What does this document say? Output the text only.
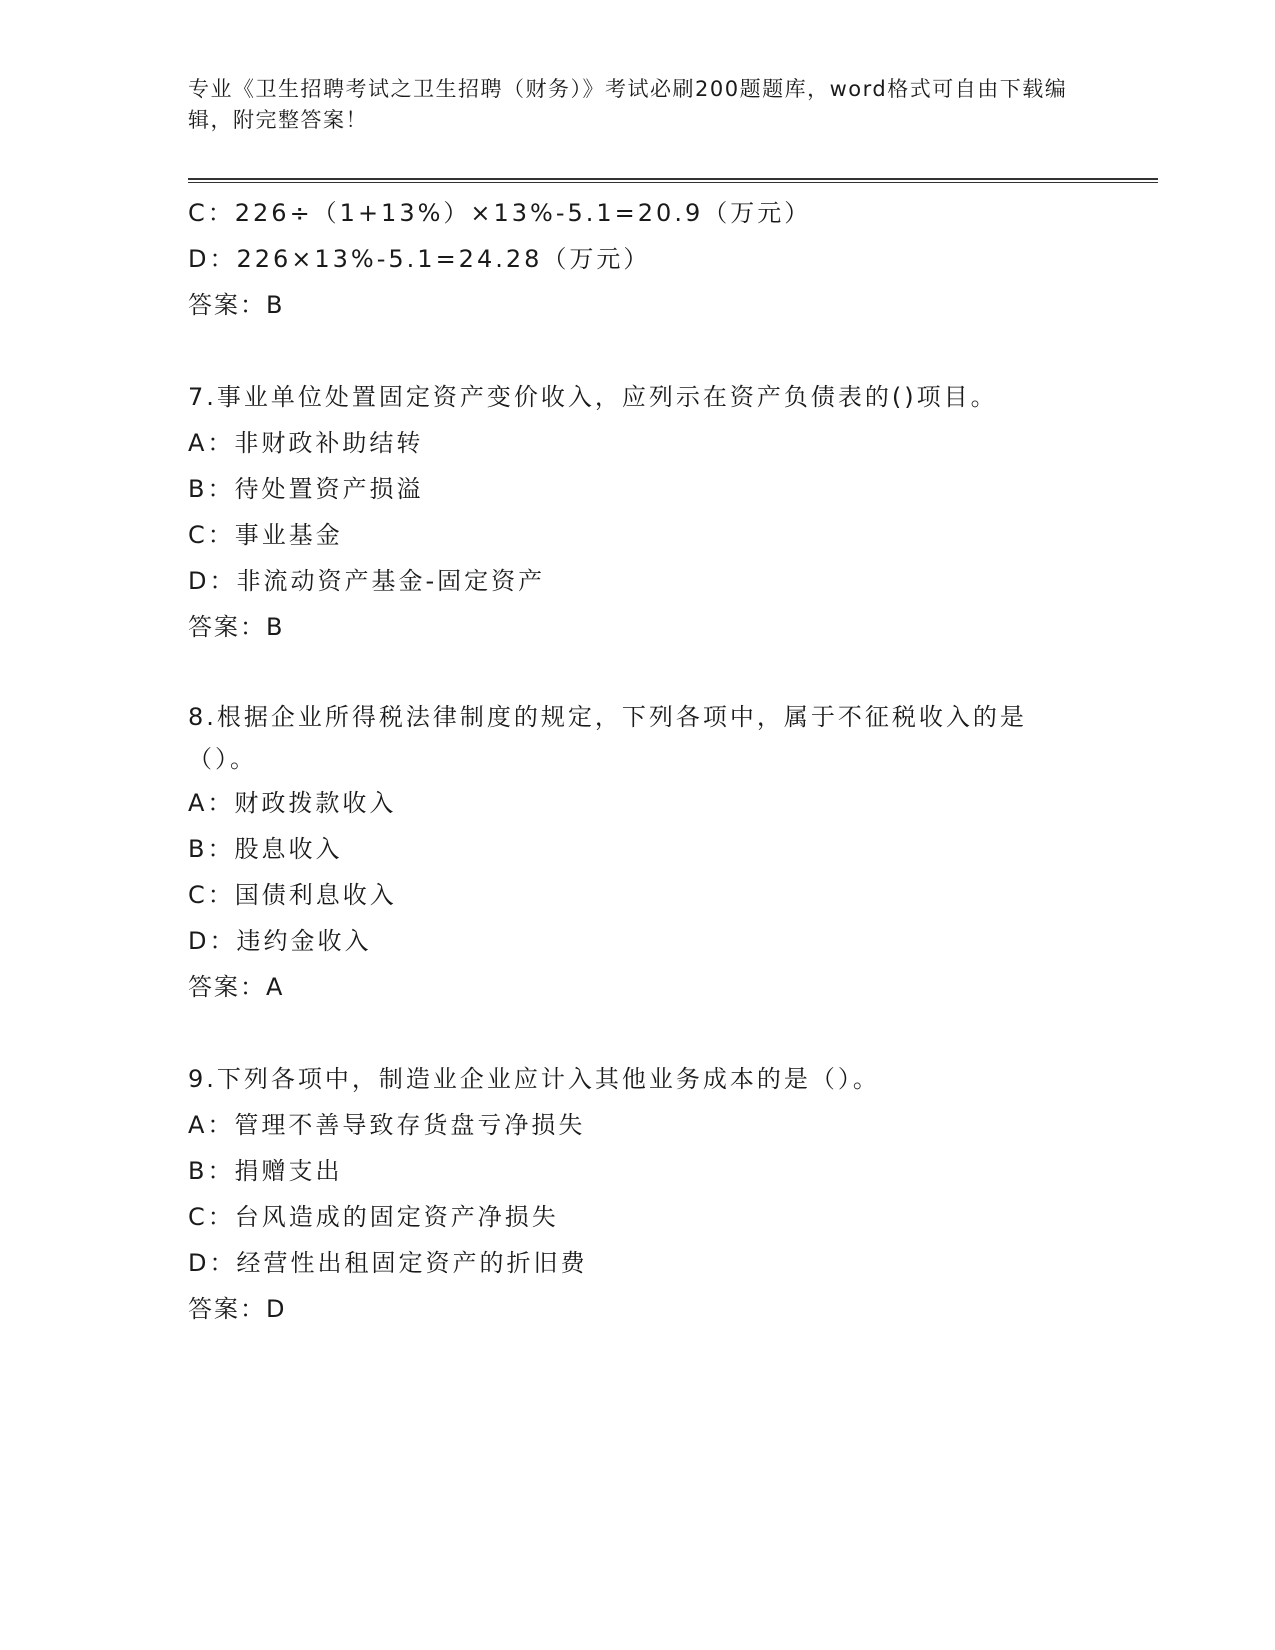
专业《卫生招聘考试之卫生招聘（财务）》考试必刷200题题库，word格式可自由下载编辑，附完整答案！
C：226÷（1+13%）×13%-5.1=20.9（万元）
D：226×13%-5.1=24.28（万元）
答案：B
7.事业单位处置固定资产变价收入，应列示在资产负债表的()项目。
A：非财政补助结转
B：待处置资产损溢
C：事业基金
D：非流动资产基金-固定资产
答案：B
8.根据企业所得税法律制度的规定，下列各项中，属于不征税收入的是（）。
A：财政拨款收入
B：股息收入
C：国债利息收入
D：违约金收入
答案：A
9.下列各项中，制造业企业应计入其他业务成本的是（）。
A：管理不善导致存货盘亏净损失
B：捐赠支出
C：台风造成的固定资产净损失
D：经营性出租固定资产的折旧费
答案：D
